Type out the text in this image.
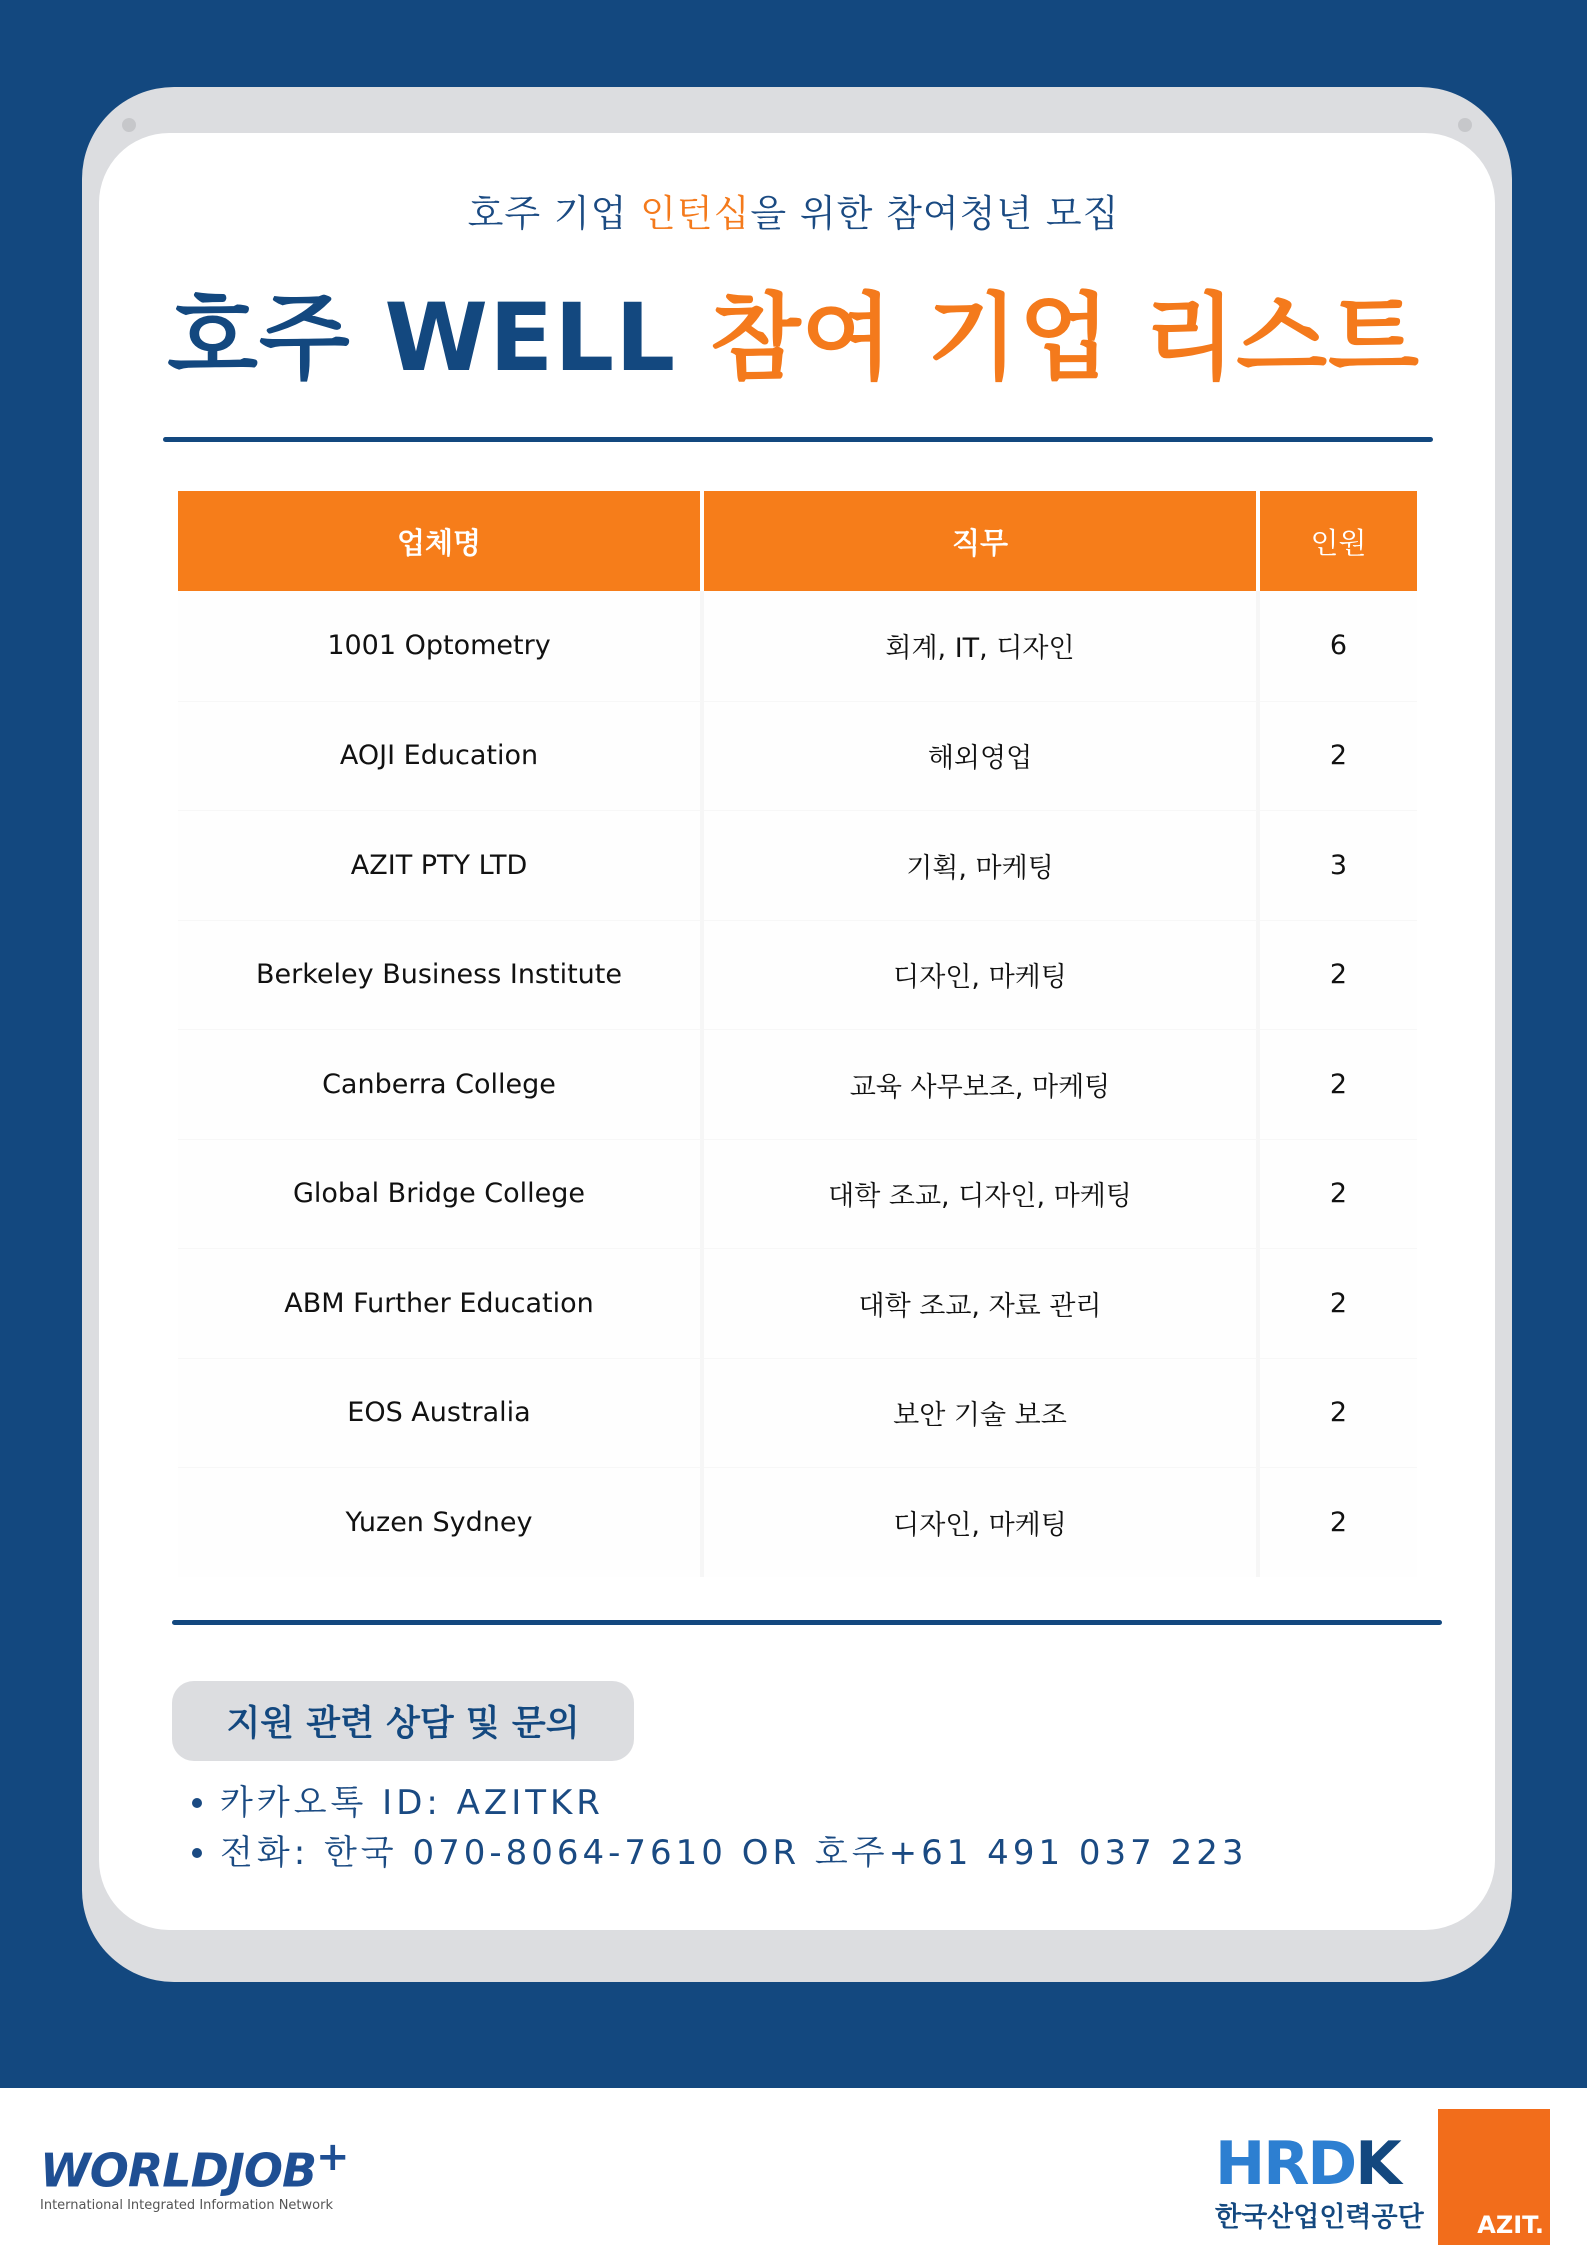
호주 기업 인턴십을 위한 참여청년 모집
호주 WELL 참여 기업 리스트
업체명	직무	인원
1001 Optometry	회계, IT, 디자인	6
AOJI Education	해외영업	2
AZIT PTY LTD	기획, 마케팅	3
Berkeley Business Institute	디자인, 마케팅	2
Canberra College	교육 사무보조, 마케팅	2
Global Bridge College	대학 조교, 디자인, 마케팅	2
ABM Further Education	대학 조교, 자료 관리	2
EOS Australia	보안 기술 보조	2
Yuzen Sydney	디자인, 마케팅	2
지원 관련 상담 및 문의
카카오톡 ID: AZITKR
전화: 한국 070-8064-7610 OR 호주+61 491 037 223
WORLDJOB+
International Integrated Information Network
HRDK
한국산업인력공단 AZIT.
